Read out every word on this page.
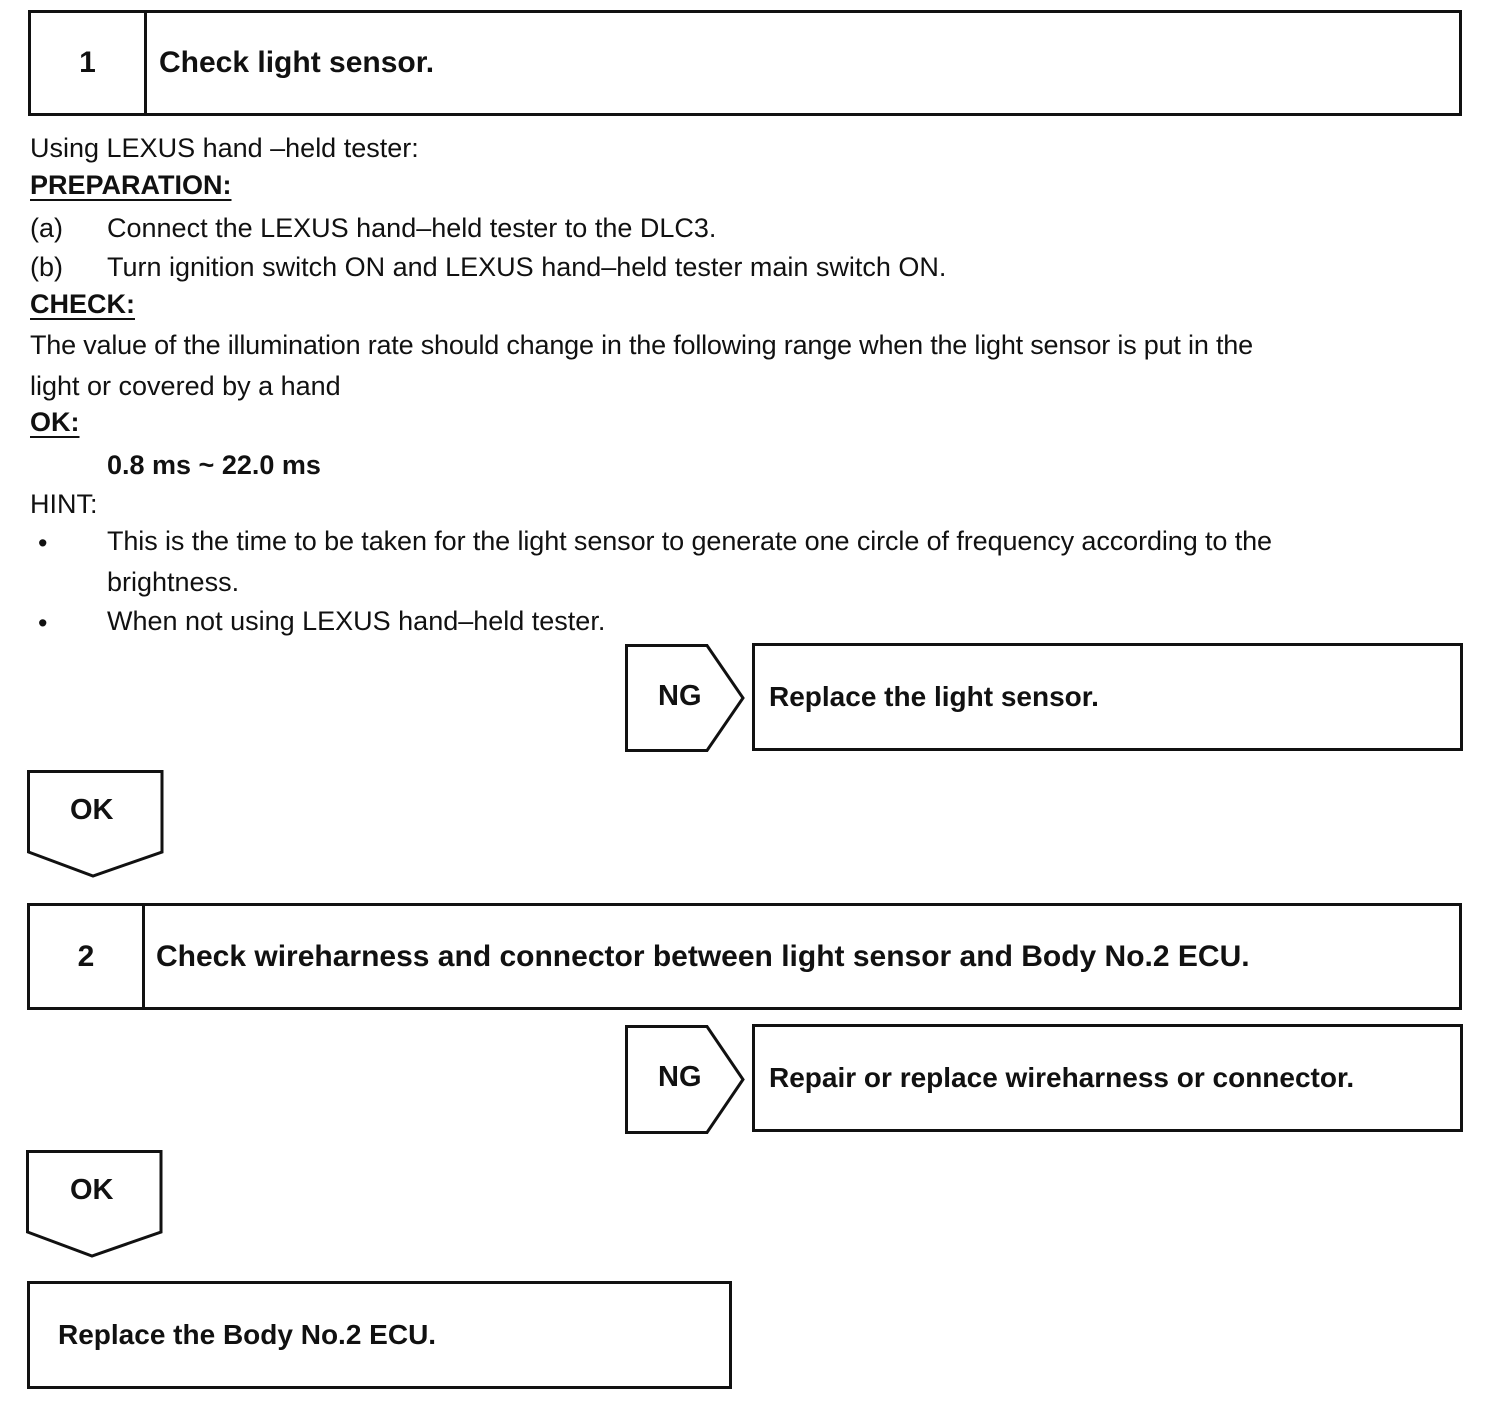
1	Check light sensor.
Using LEXUS hand –held tester:
PREPARATION:
(a) Connect the LEXUS hand–held tester to the DLC3.
(b) Turn ignition switch ON and LEXUS hand–held tester main switch ON.
CHECK:
The value of the illumination rate should change in the following range when the light sensor is put in the
light or covered by a hand
OK:
0.8 ms ~ 22.0 ms
HINT:
• This is the time to be taken for the light sensor to generate one circle of frequency according to the
brightness.
• When not using LEXUS hand–held tester.
NG Replace the light sensor.
OK
2	Check wireharness and connector between light sensor and Body No.2 ECU.
NG Repair or replace wireharness or connector.
OK
Replace the Body No.2 ECU.
